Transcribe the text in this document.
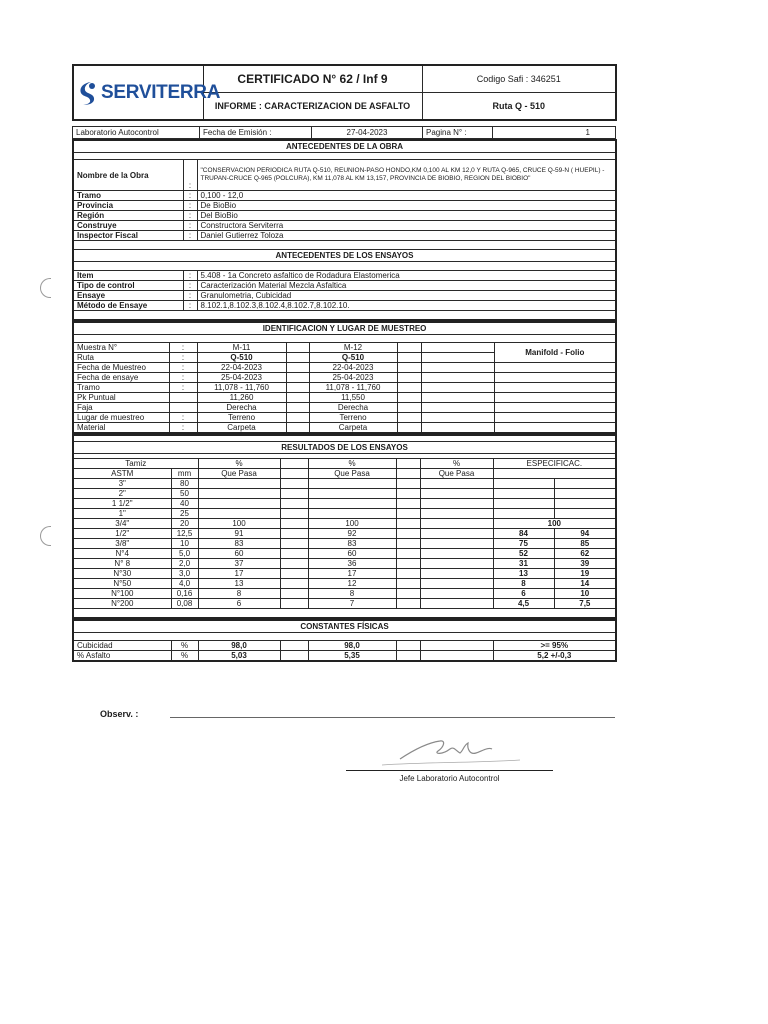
SERVITERRA	CERTIFICADO N° 62 / Inf 9	Codigo Safi : 346251
	INFORME : CARACTERIZACION DE ASFALTO	Ruta Q - 510
Laboratorio Autocontrol	Fecha de Emisión :	27-04-2023	Pagina N° :	1
ANTECEDENTES DE LA OBRA		

Nombre de la Obra	:	"CONSERVACION PERIODICA RUTA Q-510, REUNION-PASO HONDO,KM 0,100 AL KM 12,0 Y RUTA Q-965, CRUCE Q-59-N ( HUEPIL) - TRUPAN-CRUCE Q-965 (POLCURA), KM 11,078 AL KM 13,157, PROVINCIA DE BIOBIO, REGION DEL BIOBIO"
Tramo	:	0,100 - 12,0
Provincia	:	De BioBio
Región	:	Del BioBio
Construye	:	Constructora Serviterra
Inspector Fiscal	:	Daniel Gutierrez Toloza

ANTECEDENTES DE LOS ENSAYOS		

Item	:	5.408 - 1a Concreto asfaltico de Rodadura Elastomerica
Tipo de control	:	Caracterización Material Mezcla Asfaltica
Ensaye	:	Granulometria, Cubicidad
Método de Ensaye	:	8.102.1,8.102.3,8.102.4,8.102.7,8.102.10.

IDENTIFICACION Y LUGAR DE MUESTREO							

Muestra N°	:	M-11		M-12			Manifold - Folio
Ruta	:	Q-510		Q-510			
Fecha de Muestreo	:	22-04-2023		22-04-2023			
Fecha de ensaye	:	25-04-2023		25-04-2023			
Tramo	:	11,078 - 11,760		11,078 - 11,760			
Pk Puntual		11,260		11,550			
Faja		Derecha		Derecha			
Lugar de muestreo	:	Terreno		Terreno			
Material	:	Carpeta		Carpeta			

RESULTADOS DE LOS ENSAYOS								

Tamiz		%		%		%	ESPECIFICAC.	
ASTM	mm	Que Pasa		Que Pasa		Que Pasa		
3"	80							
2"	50							
1 1/2"	40							
1"	25							
3/4"	20	100		100			100	
1/2"	12,5	91		92			84	94
3/8"	10	83		83			75	85
N°4	5,0	60		60			52	62
N° 8	2,0	37		36			31	39
N°30	3,0	17		17			13	19
N°50	4,0	13		12			8	14
N°100	0,16	8		8			6	10
N°200	0,08	6		7			4,5	7,5

CONSTANTES FÍSICAS							

Cubicidad	%	98,0		98,0			>= 95%
% Asfalto	%	5,03		5,35			5,2 +/-0,3
Observ. :
Jefe Laboratorio Autocontrol
